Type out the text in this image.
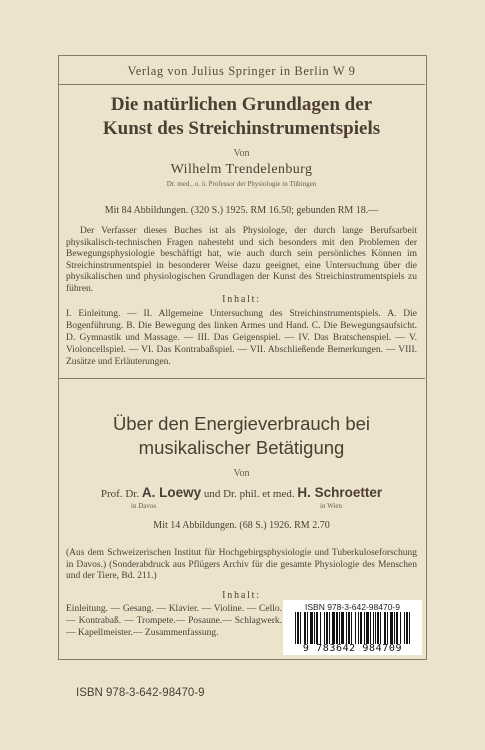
Verlag von Julius Springer in Berlin W 9
Die natürlichen Grundlagen der
Kunst des Streichinstrumentspiels
Von
Wilhelm Trendelenburg
Dr. med., o. ö. Professor der Physiologie in Tübingen
Mit 84 Abbildungen. (320 S.) 1925. RM 16.50; gebunden RM 18.—
Der Verfasser dieses Buches ist als Physiologe, der durch lange Berufsarbeit physikalisch-technischen Fragen nahesteht und sich besonders mit den Problemen der Bewegungsphysiologie beschäftigt hat, wie auch durch sein persönliches Können im Streichinstrumentspiel in besonderer Weise dazu geeignet, eine Untersuchung über die physikalischen und physiologischen Grundlagen der Kunst des Streichinstrumentspiels zu führen.
Inhalt:
I. Einleitung. — II. Allgemeine Untersuchung des Streichinstrumentspiels. A. Die Bogenführung. B. Die Bewegung des linken Armes und Hand. C. Die Bewegungsaufsicht. D. Gymnastik und Massage. — III. Das Geigenspiel. — IV. Das Bratschenspiel. — V. Violoncellspiel. — VI. Das Kontrabaßspiel. — VII. Abschließende Bemerkungen. — VIII. Zusätze und Erläuterungen.
Über den Energieverbrauch bei
musikalischer Betätigung
Von
Prof. Dr. A. Loewy und Dr. phil. et med. H. Schroetter
in Davos	in Wien
Mit 14 Abbildungen. (68 S.) 1926. RM 2.70
(Aus dem Schweizerischen Institut für Hochgebirgsphysiologie und Tuberkuloseforschung in Davos.) (Sonderabdruck aus Pflügers Archiv für die gesamte Physiologie des Menschen und der Tiere, Bd. 211.)
Inhalt:
Einleitung. — Gesang. — Klavier. — Violine. — Cello. — Kontrabaß. — Trompete.— Posaune.— Schlagwerk.— Kapellmeister.— Zusammenfassung.
ISBN 978-3-642-98470-9
9 783642 984709
ISBN 978-3-642-98470-9
